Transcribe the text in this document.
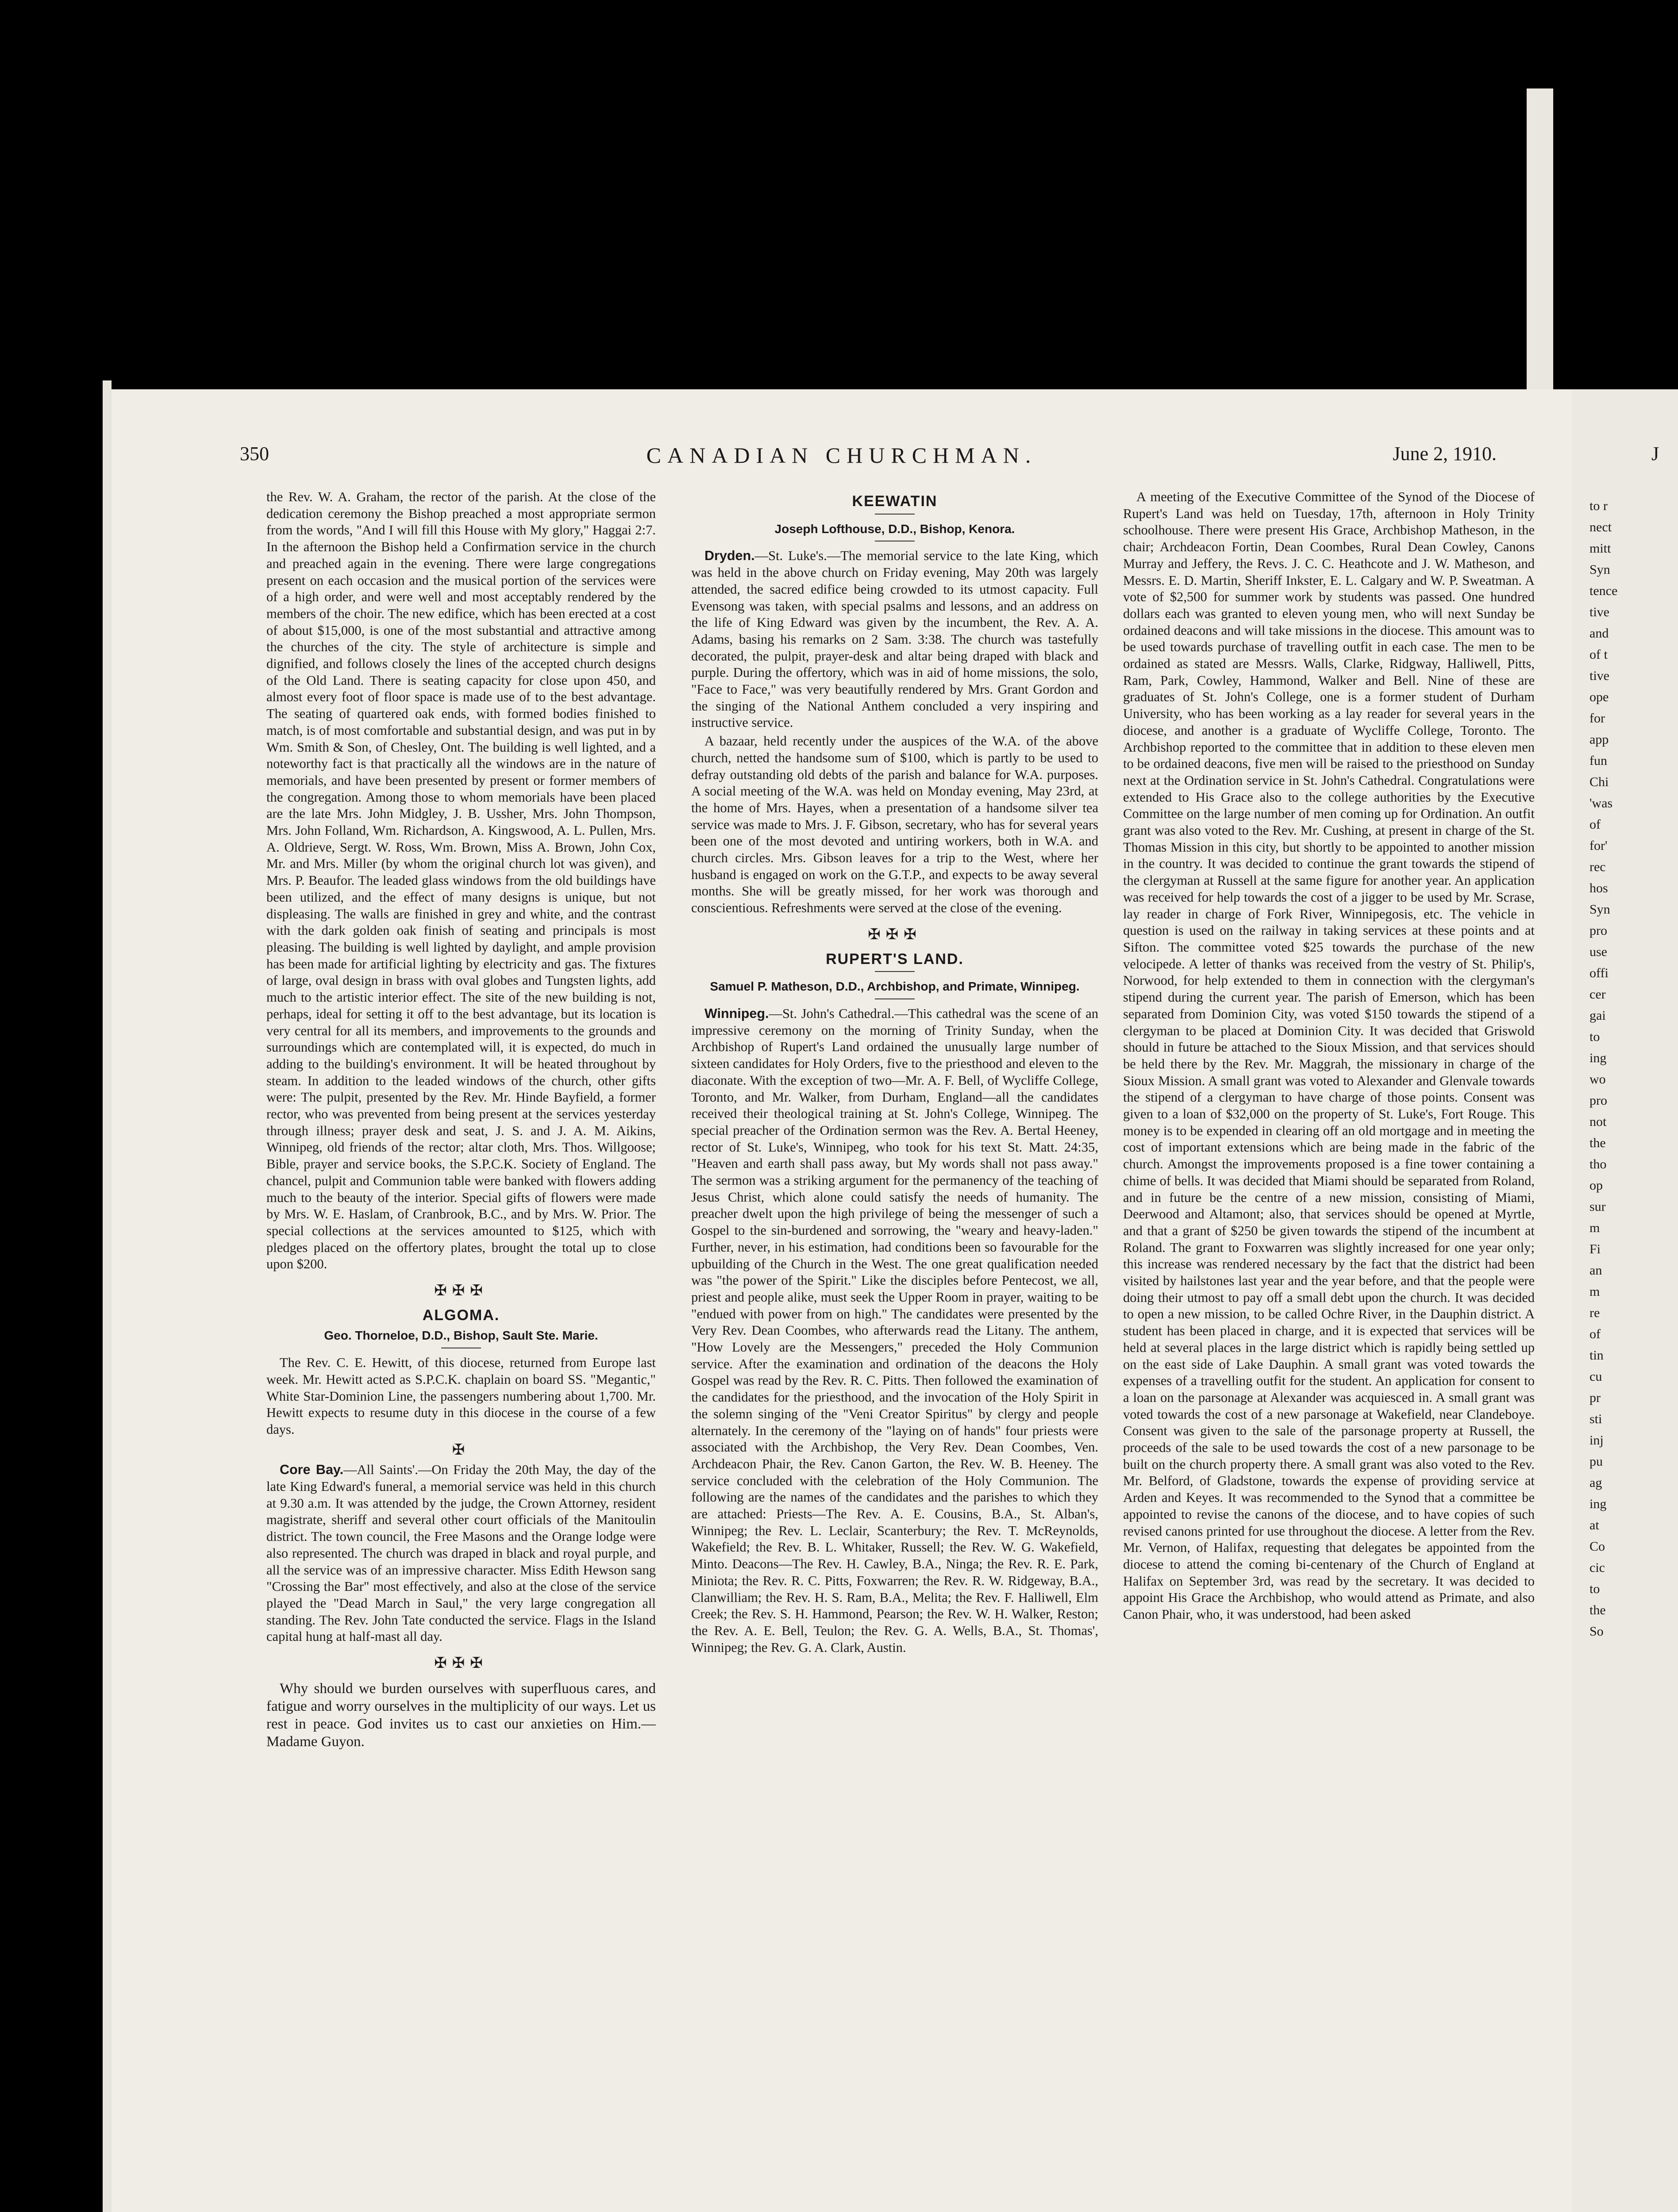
350	CANADIAN CHURCHMAN.	June 2, 1910.

the Rev. W. A. Graham, the rector of the parish. At the close of the dedication ceremony the Bishop preached a most appropriate sermon from the words, "And I will fill this House with My glory," Haggai 2:7. In the afternoon the Bishop held a Confirmation service in the church and preached again in the evening. There were large congregations present on each occasion and the musical portion of the services were of a high order, and were well and most acceptably rendered by the members of the choir. The new edifice, which has been erected at a cost of about $15,000, is one of the most substantial and attractive among the churches of the city. The style of architecture is simple and dignified, and follows closely the lines of the accepted church designs of the Old Land. There is seating capacity for close upon 450, and almost every foot of floor space is made use of to the best advantage. The seating of quartered oak ends, with formed bodies finished to match, is of most comfortable and substantial design, and was put in by Wm. Smith & Son, of Chesley, Ont. The building is well lighted, and a noteworthy fact is that practically all the windows are in the nature of memorials, and have been presented by present or former members of the congregation. Among those to whom memorials have been placed are the late Mrs. John Midgley, J. B. Ussher, Mrs. John Thompson, Mrs. John Folland, Wm. Richardson, A. Kingswood, A. L. Pullen, Mrs. A. Oldrieve, Sergt. W. Ross, Wm. Brown, Miss A. Brown, John Cox, Mr. and Mrs. Miller (by whom the original church lot was given), and Mrs. P. Beaufor. The leaded glass windows from the old buildings have been utilized, and the effect of many designs is unique, but not displeasing. The walls are finished in grey and white, and the contrast with the dark golden oak finish of seating and principals is most pleasing. The building is well lighted by daylight, and ample provision has been made for artificial lighting by electricity and gas. The fixtures of large, oval design in brass with oval globes and Tungsten lights, add much to the artistic interior effect. The site of the new building is not, perhaps, ideal for setting it off to the best advantage, but its location is very central for all its members, and improvements to the grounds and surroundings which are contemplated will, it is expected, do much in adding to the building's environment. It will be heated throughout by steam. In addition to the leaded windows of the church, other gifts were: The pulpit, presented by the Rev. Mr. Hinde Bayfield, a former rector, who was prevented from being present at the services yesterday through illness; prayer desk and seat, J. S. and J. A. M. Aikins, Winnipeg, old friends of the rector; altar cloth, Mrs. Thos. Willgoose; Bible, prayer and service books, the S.P.C.K. Society of England. The chancel, pulpit and Communion table were banked with flowers adding much to the beauty of the interior. Special gifts of flowers were made by Mrs. W. E. Haslam, of Cranbrook, B.C., and by Mrs. W. Prior. The special collections at the services amounted to $125, which with pledges placed on the offertory plates, brought the total up to close upon $200.

✠✠✠
ALGOMA.
Geo. Thorneloe, D.D., Bishop, Sault Ste. Marie.

The Rev. C. E. Hewitt, of this diocese, returned from Europe last week. Mr. Hewitt acted as S.P.C.K. chaplain on board SS. "Megantic," White Star-Dominion Line, the passengers numbering about 1,700. Mr. Hewitt expects to resume duty in this diocese in the course of a few days.

✠

Core Bay.—All Saints'.—On Friday the 20th May, the day of the late King Edward's funeral, a memorial service was held in this church at 9.30 a.m. It was attended by the judge, the Crown Attorney, resident magistrate, sheriff and several other court officials of the Manitoulin district. The town council, the Free Masons and the Orange lodge were also represented. The church was draped in black and royal purple, and all the service was of an impressive character. Miss Edith Hewson sang "Crossing the Bar" most effectively, and also at the close of the service played the "Dead March in Saul," the very large congregation all standing. The Rev. John Tate conducted the service. Flags in the Island capital hung at half-mast all day.

✠✠✠

Why should we burden ourselves with superfluous cares, and fatigue and worry ourselves in the multiplicity of our ways. Let us rest in peace. God invites us to cast our anxieties on Him.—Madame Guyon.

KEEWATIN
Joseph Lofthouse, D.D., Bishop, Kenora.

Dryden.—St. Luke's.—The memorial service to the late King, which was held in the above church on Friday evening, May 20th was largely attended, the sacred edifice being crowded to its utmost capacity. Full Evensong was taken, with special psalms and lessons, and an address on the life of King Edward was given by the incumbent, the Rev. A. A. Adams, basing his remarks on 2 Sam. 3:38. The church was tastefully decorated, the pulpit, prayer-desk and altar being draped with black and purple. During the offertory, which was in aid of home missions, the solo, "Face to Face," was very beautifully rendered by Mrs. Grant Gordon and the singing of the National Anthem concluded a very inspiring and instructive service.

A bazaar, held recently under the auspices of the W.A. of the above church, netted the handsome sum of $100, which is partly to be used to defray outstanding old debts of the parish and balance for W.A. purposes. A social meeting of the W.A. was held on Monday evening, May 23rd, at the home of Mrs. Hayes, when a presentation of a handsome silver tea service was made to Mrs. J. F. Gibson, secretary, who has for several years been one of the most devoted and untiring workers, both in W.A. and church circles. Mrs. Gibson leaves for a trip to the West, where her husband is engaged on work on the G.T.P., and expects to be away several months. She will be greatly missed, for her work was thorough and conscientious. Refreshments were served at the close of the evening.

✠✠✠
RUPERT'S LAND.
Samuel P. Matheson, D.D., Archbishop, and Primate, Winnipeg.

Winnipeg.—St. John's Cathedral.—This cathedral was the scene of an impressive ceremony on the morning of Trinity Sunday, when the Archbishop of Rupert's Land ordained the unusually large number of sixteen candidates for Holy Orders, five to the priesthood and eleven to the diaconate. With the exception of two—Mr. A. F. Bell, of Wycliffe College, Toronto, and Mr. Walker, from Durham, England—all the candidates received their theological training at St. John's College, Winnipeg. The special preacher of the Ordination sermon was the Rev. A. Bertal Heeney, rector of St. Luke's, Winnipeg, who took for his text St. Matt. 24:35, "Heaven and earth shall pass away, but My words shall not pass away." The sermon was a striking argument for the permanency of the teaching of Jesus Christ, which alone could satisfy the needs of humanity. The preacher dwelt upon the high privilege of being the messenger of such a Gospel to the sin-burdened and sorrowing, the "weary and heavy-laden." Further, never, in his estimation, had conditions been so favourable for the upbuilding of the Church in the West. The one great qualification needed was "the power of the Spirit." Like the disciples before Pentecost, we all, priest and people alike, must seek the Upper Room in prayer, waiting to be "endued with power from on high." The candidates were presented by the Very Rev. Dean Coombes, who afterwards read the Litany. The anthem, "How Lovely are the Messengers," preceded the Holy Communion service. After the examination and ordination of the deacons the Holy Gospel was read by the Rev. R. C. Pitts. Then followed the examination of the candidates for the priesthood, and the invocation of the Holy Spirit in the solemn singing of the "Veni Creator Spiritus" by clergy and people alternately. In the ceremony of the "laying on of hands" four priests were associated with the Archbishop, the Very Rev. Dean Coombes, Ven. Archdeacon Phair, the Rev. Canon Garton, the Rev. W. B. Heeney. The service concluded with the celebration of the Holy Communion. The following are the names of the candidates and the parishes to which they are attached: Priests—The Rev. A. E. Cousins, B.A., St. Alban's, Winnipeg; the Rev. L. Leclair, Scanterbury; the Rev. T. McReynolds, Wakefield; the Rev. B. L. Whitaker, Russell; the Rev. W. G. Wakefield, Minto. Deacons—The Rev. H. Cawley, B.A., Ninga; the Rev. R. E. Park, Miniota; the Rev. R. C. Pitts, Foxwarren; the Rev. R. W. Ridgeway, B.A., Clanwilliam; the Rev. H. S. Ram, B.A., Melita; the Rev. F. Halliwell, Elm Creek; the Rev. S. H. Hammond, Pearson; the Rev. W. H. Walker, Reston; the Rev. A. E. Bell, Teulon; the Rev. G. A. Wells, B.A., St. Thomas', Winnipeg; the Rev. G. A. Clark, Austin.

A meeting of the Executive Committee of the Synod of the Diocese of Rupert's Land was held on Tuesday, 17th, afternoon in Holy Trinity schoolhouse. There were present His Grace, Archbishop Matheson, in the chair; Archdeacon Fortin, Dean Coombes, Rural Dean Cowley, Canons Murray and Jeffery, the Revs. J. C. C. Heathcote and J. W. Matheson, and Messrs. E. D. Martin, Sheriff Inkster, E. L. Calgary and W. P. Sweatman. A vote of $2,500 for summer work by students was passed. One hundred dollars each was granted to eleven young men, who will next Sunday be ordained deacons and will take missions in the diocese. This amount was to be used towards purchase of travelling outfit in each case. The men to be ordained as stated are Messrs. Walls, Clarke, Ridgway, Halliwell, Pitts, Ram, Park, Cowley, Hammond, Walker and Bell. Nine of these are graduates of St. John's College, one is a former student of Durham University, who has been working as a lay reader for several years in the diocese, and another is a graduate of Wycliffe College, Toronto. The Archbishop reported to the committee that in addition to these eleven men to be ordained deacons, five men will be raised to the priesthood on Sunday next at the Ordination service in St. John's Cathedral. Congratulations were extended to His Grace also to the college authorities by the Executive Committee on the large number of men coming up for Ordination. An outfit grant was also voted to the Rev. Mr. Cushing, at present in charge of the St. Thomas Mission in this city, but shortly to be appointed to another mission in the country. It was decided to continue the grant towards the stipend of the clergyman at Russell at the same figure for another year. An application was received for help towards the cost of a jigger to be used by Mr. Scrase, lay reader in charge of Fork River, Winnipegosis, etc. The vehicle in question is used on the railway in taking services at these points and at Sifton. The committee voted $25 towards the purchase of the new velocipede. A letter of thanks was received from the vestry of St. Philip's, Norwood, for help extended to them in connection with the clergyman's stipend during the current year. The parish of Emerson, which has been separated from Dominion City, was voted $150 towards the stipend of a clergyman to be placed at Dominion City. It was decided that Griswold should in future be attached to the Sioux Mission, and that services should be held there by the Rev. Mr. Maggrah, the missionary in charge of the Sioux Mission. A small grant was voted to Alexander and Glenvale towards the stipend of a clergyman to have charge of those points. Consent was given to a loan of $32,000 on the property of St. Luke's, Fort Rouge. This money is to be expended in clearing off an old mortgage and in meeting the cost of important extensions which are being made in the fabric of the church. Amongst the improvements proposed is a fine tower containing a chime of bells. It was decided that Miami should be separated from Roland, and in future be the centre of a new mission, consisting of Miami, Deerwood and Altamont; also, that services should be opened at Myrtle, and that a grant of $250 be given towards the stipend of the incumbent at Roland. The grant to Foxwarren was slightly increased for one year only; this increase was rendered necessary by the fact that the district had been visited by hailstones last year and the year before, and that the people were doing their utmost to pay off a small debt upon the church. It was decided to open a new mission, to be called Ochre River, in the Dauphin district. A student has been placed in charge, and it is expected that services will be held at several places in the large district which is rapidly being settled up on the east side of Lake Dauphin. A small grant was voted towards the expenses of a travelling outfit for the student. An application for consent to a loan on the parsonage at Alexander was acquiesced in. A small grant was voted towards the cost of a new parsonage at Wakefield, near Clandeboye. Consent was given to the sale of the parsonage property at Russell, the proceeds of the sale to be used towards the cost of a new parsonage to be built on the church property there. A small grant was also voted to the Rev. Mr. Belford, of Gladstone, towards the expense of providing service at Arden and Keyes. It was recommended to the Synod that a committee be appointed to revise the canons of the diocese, and to have copies of such revised canons printed for use throughout the diocese. A letter from the Rev. Mr. Vernon, of Halifax, requesting that delegates be appointed from the diocese to attend the coming bi-centenary of the Church of England at Halifax on September 3rd, was read by the secretary. It was decided to appoint His Grace the Archbishop, who would attend as Primate, and also Canon Phair, who, it was understood, had been asked

J
to r
nect
mitt
Syn
tence
tive
and
of t
tive
ope
for
app
fun
Chi
'was
of
for'
rec
hos
Syn
pro
use
offi
cer
gai
to
ing
wo
pro
not
the
tho
op
sur
m
Fi
an
m
re
of
tin
cu
pr
sti
inj
pu
ag
ing
at
Co
cic
to
the
So
